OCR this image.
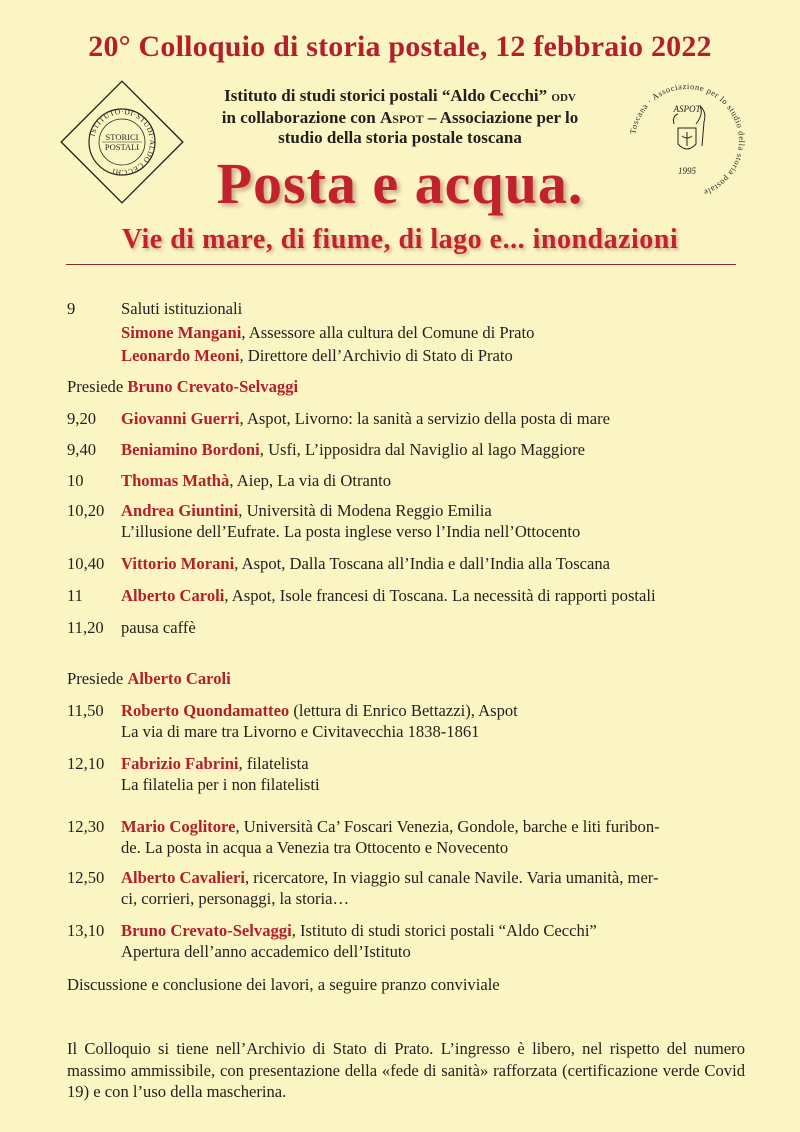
20° Colloquio di storia postale, 12 febbraio 2022
ISTITUTO·DI·STUDI·ALDO CECCHI
STORICI
POSTALI
Istituto di studi storici postali “Aldo Cecchi” ODV
in collaborazione con Aspot – Associazione per lo
studio della storia postale toscana	Toscana · Associazione per lo studio della storia postale
ASPOT
1995
Posta e acqua.
Vie di mare, di fiume, di lago e... inondazioni
9	Saluti istituzionali
Simone Mangani, Assessore alla cultura del Comune di Prato
Leonardo Meoni, Direttore dell’Archivio di Stato di Prato
Presiede Bruno Crevato-Selvaggi
9,20	Giovanni Guerri, Aspot, Livorno: la sanità a servizio della posta di mare
9,40	Beniamino Bordoni, Usfi, L’ipposidra dal Naviglio al lago Maggiore
10	Thomas Mathà, Aiep, La via di Otranto
10,20	Andrea Giuntini, Università di Modena Reggio Emilia
L’illusione dell’Eufrate. La posta inglese verso l’India nell’Ottocento
10,40	Vittorio Morani, Aspot, Dalla Toscana all’India e dall’India alla Toscana
11	Alberto Caroli, Aspot, Isole francesi di Toscana. La necessità di rapporti postali
11,20	pausa caffè
Presiede Alberto Caroli
11,50	Roberto Quondamatteo (lettura di Enrico Bettazzi), Aspot
La via di mare tra Livorno e Civitavecchia 1838-1861
12,10	Fabrizio Fabrini, filatelista
La filatelia per i non filatelisti
12,30	Mario Coglitore, Università Ca’ Foscari Venezia, Gondole, barche e liti furibon-
de. La posta in acqua a Venezia tra Ottocento e Novecento
12,50	Alberto Cavalieri, ricercatore, In viaggio sul canale Navile. Varia umanità, mer-
ci, corrieri, personaggi, la storia…
13,10	Bruno Crevato-Selvaggi, Istituto di studi storici postali “Aldo Cecchi”
Apertura dell’anno accademico dell’Istituto
Discussione e conclusione dei lavori, a seguire pranzo conviviale
Il Colloquio si tiene nell’Archivio di Stato di Prato. L’ingresso è libero, nel rispetto del numero massimo ammissibile, con presentazione della «fede di sanità» rafforzata (certificazione verde Covid 19) e con l’uso della mascherina.
